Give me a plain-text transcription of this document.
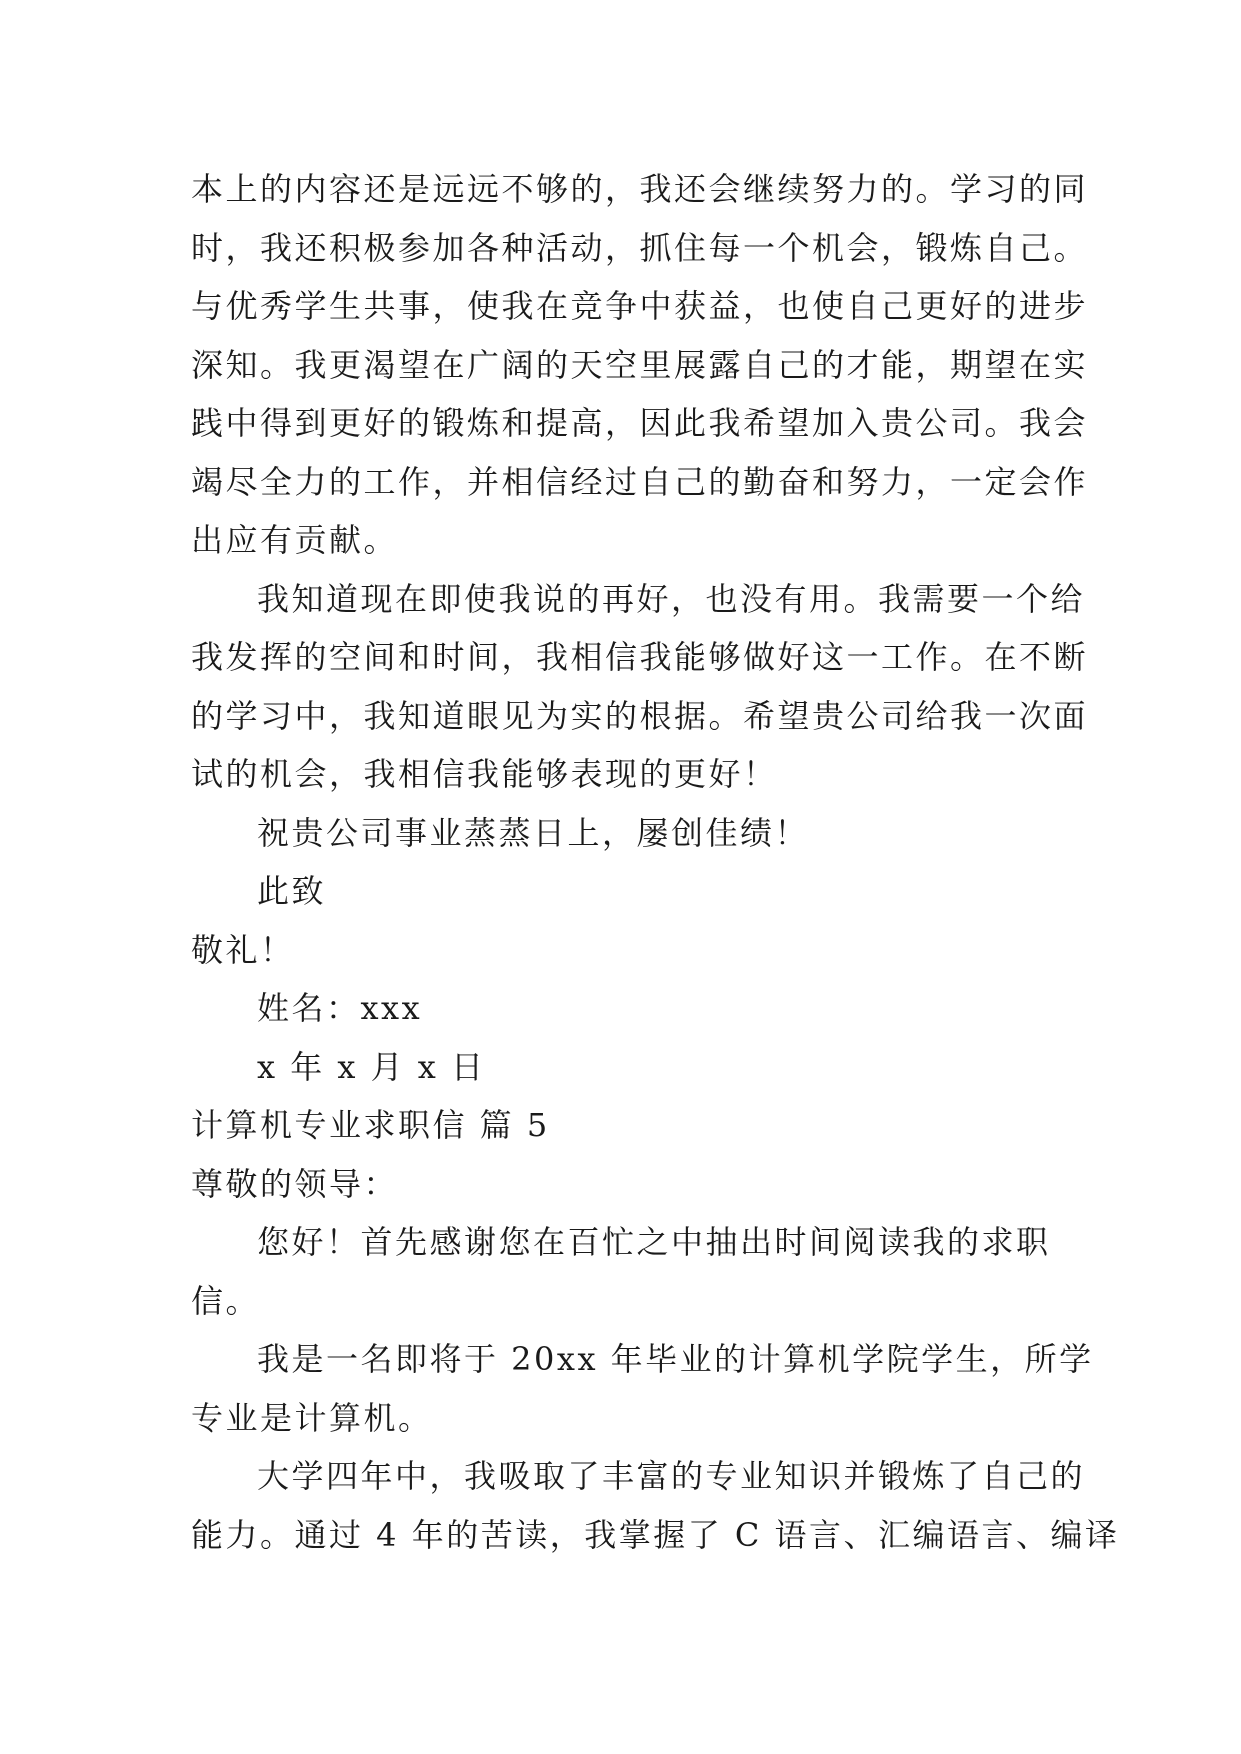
本上的内容还是远远不够的，我还会继续努力的。学习的同

时，我还积极参加各种活动，抓住每一个机会，锻炼自己。

与优秀学生共事，使我在竞争中获益，也使自己更好的进步

深知。我更渴望在广阔的天空里展露自己的才能，期望在实

践中得到更好的锻炼和提高，因此我希望加入贵公司。我会

竭尽全力的工作，并相信经过自己的勤奋和努力，一定会作

出应有贡献。

我知道现在即使我说的再好，也没有用。我需要一个给

我发挥的空间和时间，我相信我能够做好这一工作。在不断

的学习中，我知道眼见为实的根据。希望贵公司给我一次面

试的机会，我相信我能够表现的更好！

祝贵公司事业蒸蒸日上，屡创佳绩！

此致

敬礼！

姓名：xxx

x 年 x 月 x 日

计算机专业求职信 篇 5

尊敬的领导：

您好！首先感谢您在百忙之中抽出时间阅读我的求职

信。

我是一名即将于 20xx 年毕业的计算机学院学生，所学

专业是计算机。

大学四年中，我吸取了丰富的专业知识并锻炼了自己的

能力。通过 4 年的苦读，我掌握了 C 语言、汇编语言、编译
